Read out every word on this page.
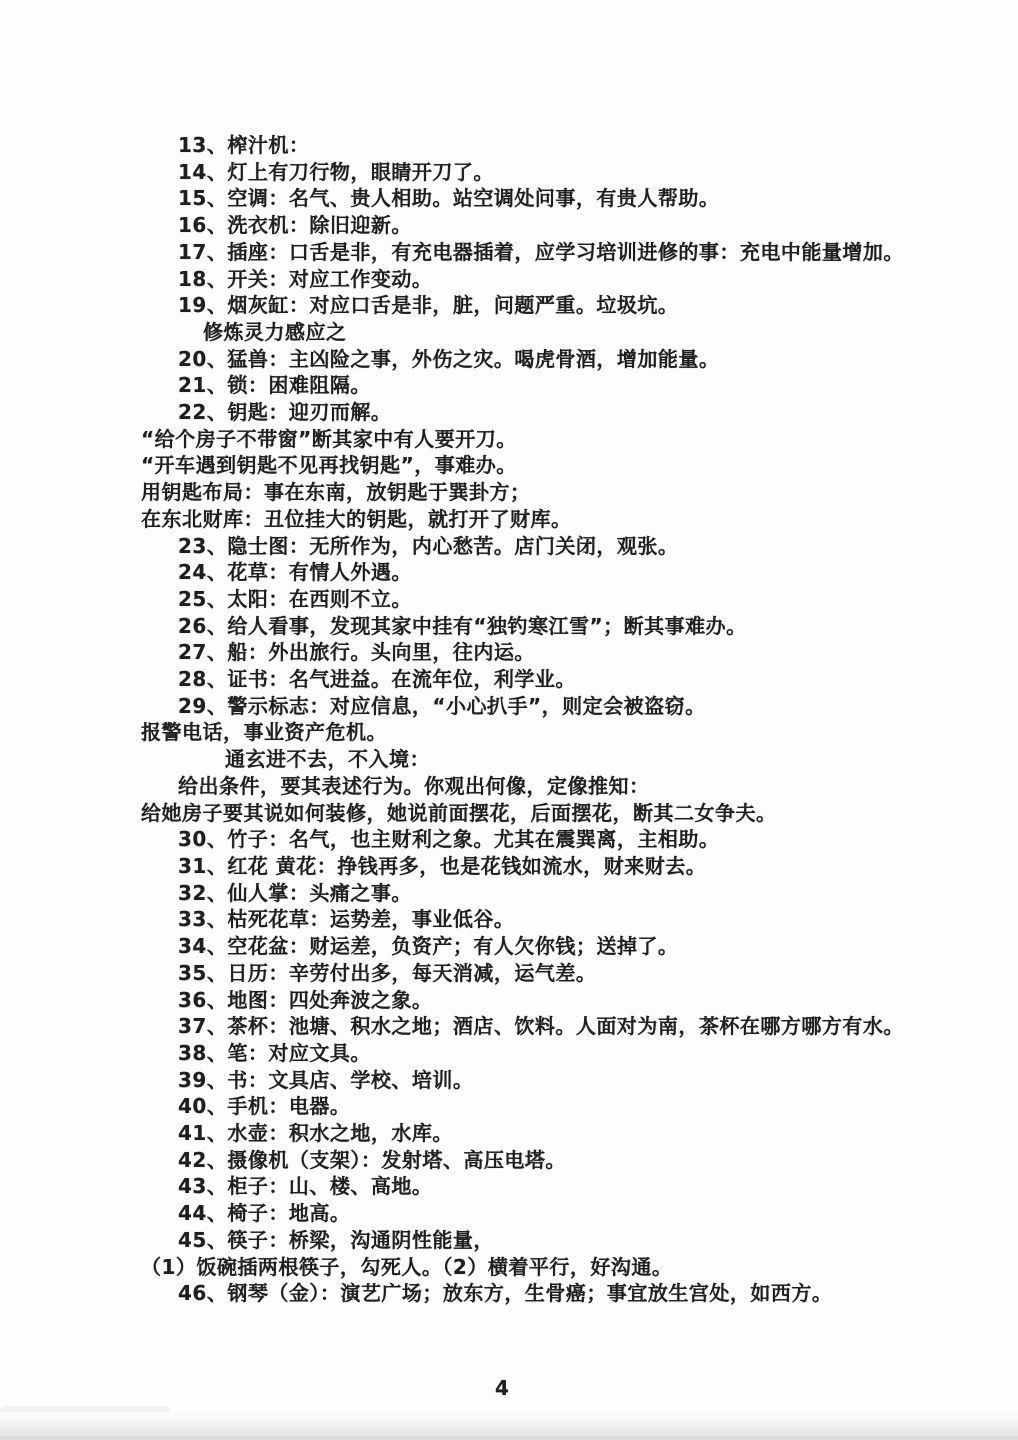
13、榨汁机：
14、灯上有刀行物，眼睛开刀了。
15、空调：名气、贵人相助。站空调处问事，有贵人帮助。
16、洗衣机：除旧迎新。
17、插座：口舌是非，有充电器插着，应学习培训进修的事：充电中能量增加。
18、开关：对应工作变动。
19、烟灰缸：对应口舌是非，脏，问题严重。垃圾坑。
修炼灵力感应之
20、猛兽：主凶险之事，外伤之灾。喝虎骨酒，增加能量。
21、锁：困难阻隔。
22、钥匙：迎刃而解。
“给个房子不带窗”断其家中有人要开刀。
“开车遇到钥匙不见再找钥匙”，事难办。
用钥匙布局：事在东南，放钥匙于巽卦方；
在东北财库：丑位挂大的钥匙，就打开了财库。
23、隐士图：无所作为，内心愁苦。店门关闭，观张。
24、花草：有情人外遇。
25、太阳：在西则不立。
26、给人看事，发现其家中挂有“独钓寒江雪”；断其事难办。
27、船：外出旅行。头向里，往内运。
28、证书：名气进益。在流年位，利学业。
29、警示标志：对应信息，“小心扒手”，则定会被盗窃。
报警电话，事业资产危机。
通玄进不去，不入境：
给出条件，要其表述行为。你观出何像，定像推知：
给她房子要其说如何装修，她说前面摆花，后面摆花，断其二女争夫。
30、竹子：名气，也主财利之象。尤其在震巽离，主相助。
31、红花 黄花：挣钱再多，也是花钱如流水，财来财去。
32、仙人掌：头痛之事。
33、枯死花草：运势差，事业低谷。
34、空花盆：财运差，负资产；有人欠你钱；送掉了。
35、日历：辛劳付出多，每天消减，运气差。
36、地图：四处奔波之象。
37、茶杯：池塘、积水之地；酒店、饮料。人面对为南，茶杯在哪方哪方有水。
38、笔：对应文具。
39、书：文具店、学校、培训。
40、手机：电器。
41、水壶：积水之地，水库。
42、摄像机（支架）：发射塔、高压电塔。
43、柜子：山、楼、高地。
44、椅子：地高。
45、筷子：桥梁，沟通阴性能量，
（1）饭碗插两根筷子，勾死人。（2）横着平行，好沟通。
46、钢琴（金）：演艺广场；放东方，生骨癌；事宜放生宫处，如西方。
4
